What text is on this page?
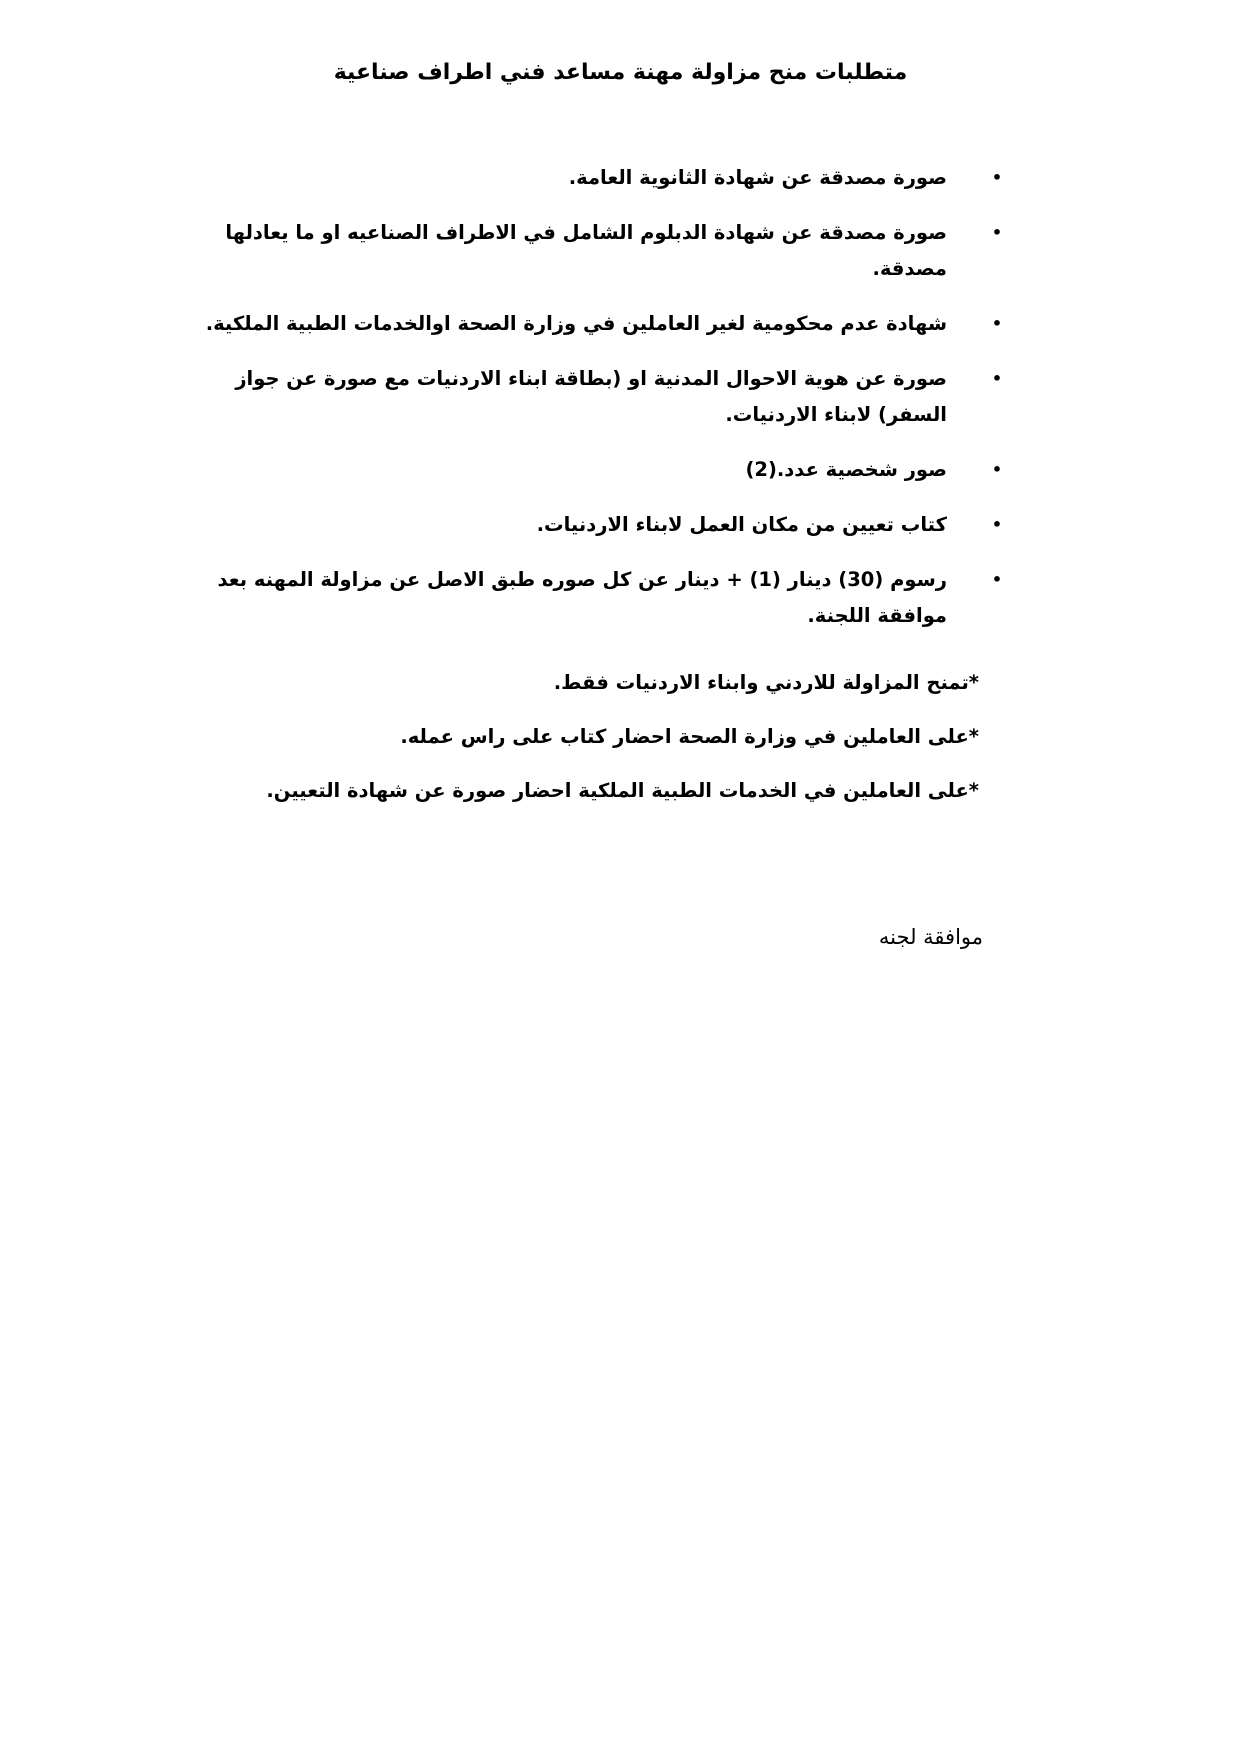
متطلبات منح مزاولة مهنة مساعد فني اطراف صناعية
•
صورة مصدقة عن شهادة الثانوية العامة.
•
صورة مصدقة عن شهادة الدبلوم الشامل في الاطراف الصناعيه او ما يعادلها مصدقة.
•
شهادة عدم محكومية لغير العاملين في وزارة الصحة اوالخدمات الطبية الملكية.
•
صورة عن هوية الاحوال المدنية او (بطاقة ابناء الاردنيات مع صورة عن جواز السفر) لابناء الاردنيات.
•
صور شخصية عدد.(2)
•
كتاب تعيين من مكان العمل لابناء الاردنيات.
•
رسوم (30) دينار (1) + دينار عن كل صوره طبق الاصل عن مزاولة المهنه بعد موافقة اللجنة.

*تمنح المزاولة للاردني وابناء الاردنيات فقط.

*على العاملين في وزارة الصحة احضار كتاب على راس عمله.

*على العاملين في الخدمات الطبية الملكية احضار صورة عن شهادة التعيين.

موافقة لجنه
